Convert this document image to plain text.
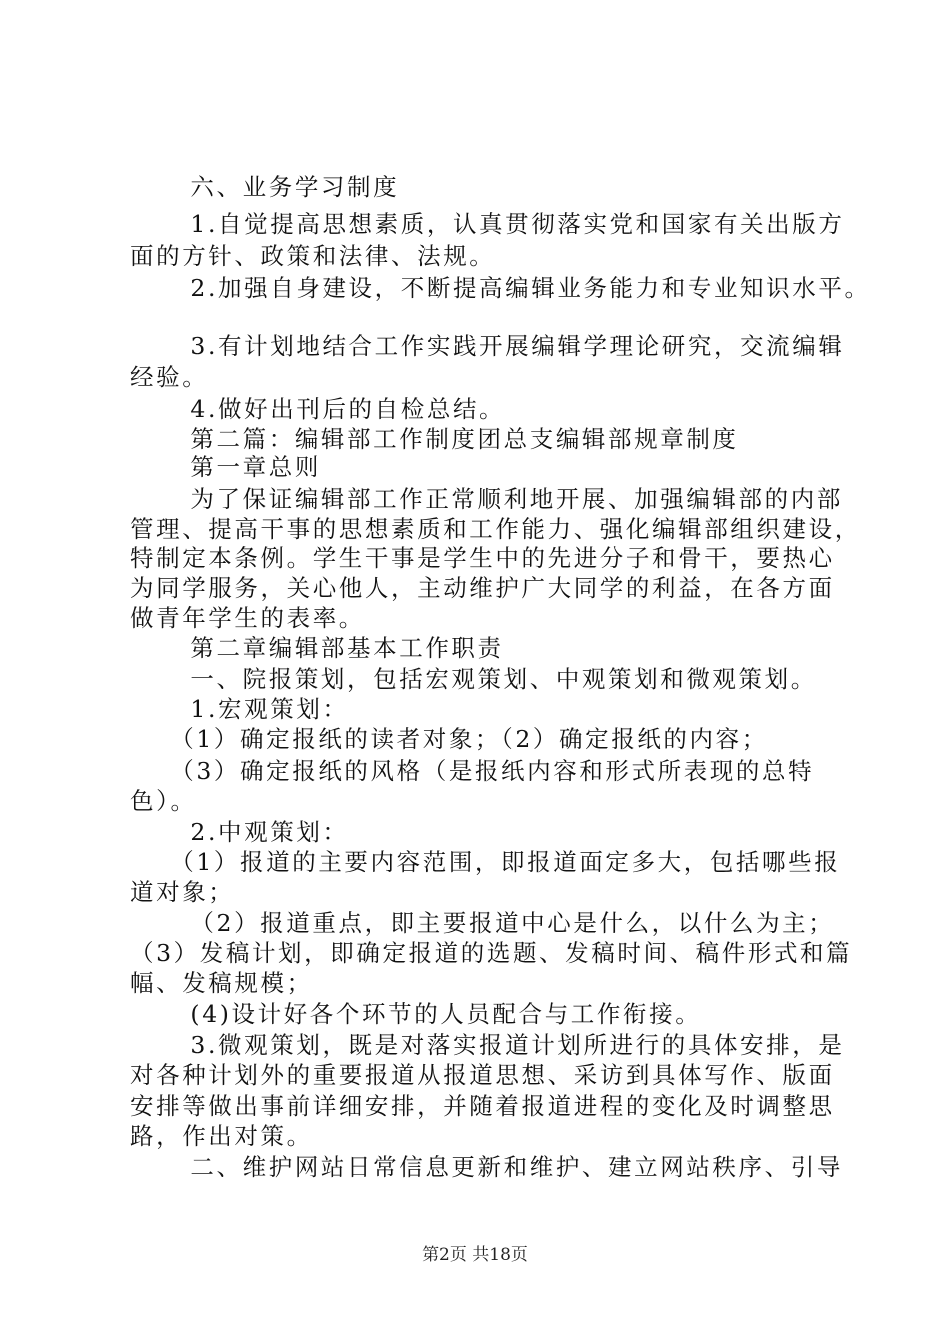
六、业务学习制度
1.自觉提高思想素质，认真贯彻落实党和国家有关出版方
面的方针、政策和法律、法规。
2.加强自身建设，不断提高编辑业务能力和专业知识水平。
3.有计划地结合工作实践开展编辑学理论研究，交流编辑
经验。
4.做好出刊后的自检总结。
第二篇：编辑部工作制度团总支编辑部规章制度
第一章总则
为了保证编辑部工作正常顺利地开展、加强编辑部的内部
管理、提高干事的思想素质和工作能力、强化编辑部组织建设，
特制定本条例。学生干事是学生中的先进分子和骨干，要热心
为同学服务，关心他人，主动维护广大同学的利益，在各方面
做青年学生的表率。
第二章编辑部基本工作职责
一、院报策划，包括宏观策划、中观策划和微观策划。
1.宏观策划：
（1）确定报纸的读者对象；（2）确定报纸的内容；
（3）确定报纸的风格（是报纸内容和形式所表现的总特
色）。
2.中观策划：
（1）报道的主要内容范围，即报道面定多大，包括哪些报
道对象；
（2）报道重点，即主要报道中心是什么，以什么为主；
（3）发稿计划，即确定报道的选题、发稿时间、稿件形式和篇
幅、发稿规模；
(4)设计好各个环节的人员配合与工作衔接。
3.微观策划，既是对落实报道计划所进行的具体安排，是
对各种计划外的重要报道从报道思想、采访到具体写作、版面
安排等做出事前详细安排，并随着报道进程的变化及时调整思
路，作出对策。
二、维护网站日常信息更新和维护、建立网站秩序、引导
第2页 共18页
